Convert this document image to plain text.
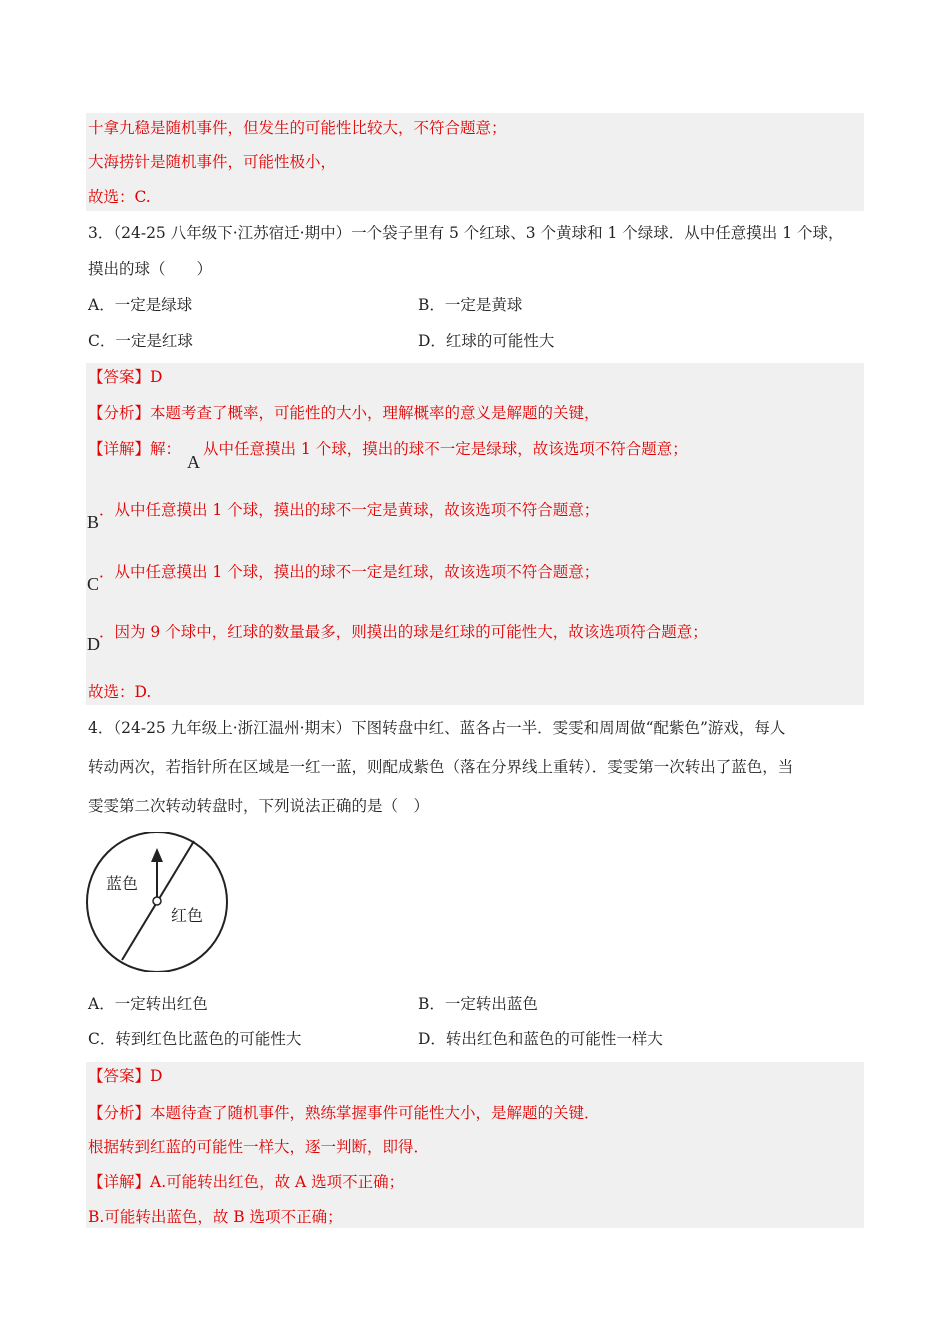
十拿九稳是随机事件，但发生的可能性比较大，不符合题意；
大海捞针是随机事件，可能性极小，
故选：C.
3．（24-25 八年级下·江苏宿迁·期中）一个袋子里有 5 个红球、3 个黄球和 1 个绿球．从中任意摸出 1 个球，
摸出的球（　　）
A．一定是绿球	B．一定是黄球
C．一定是红球	D．红球的可能性大
【答案】D
【分析】本题考查了概率，可能性的大小，理解概率的意义是解题的关键，
【详解】解：
A
从中任意摸出 1 个球，摸出的球不一定是绿球，故该选项不符合题意；
B
．从中任意摸出 1 个球，摸出的球不一定是黄球，故该选项不符合题意；
C
．从中任意摸出 1 个球，摸出的球不一定是红球，故该选项不符合题意；
D
．因为 9 个球中，红球的数量最多，则摸出的球是红球的可能性大，故该选项符合题意；
故选：D.
4．（24-25 九年级上·浙江温州·期末）下图转盘中红、蓝各占一半．雯雯和周周做“配紫色”游戏，每人
转动两次，若指针所在区域是一红一蓝，则配成紫色（落在分界线上重转）．雯雯第一次转出了蓝色，当
雯雯第二次转动转盘时，下列说法正确的是（　）
蓝色
红色
A．一定转出红色	B．一定转出蓝色
C．转到红色比蓝色的可能性大	D．转出红色和蓝色的可能性一样大
【答案】D
【分析】本题待查了随机事件，熟练掌握事件可能性大小，是解题的关键．
根据转到红蓝的可能性一样大，逐一判断，即得．
【详解】A.可能转出红色，故 A 选项不正确；
B.可能转出蓝色，故 B 选项不正确；
